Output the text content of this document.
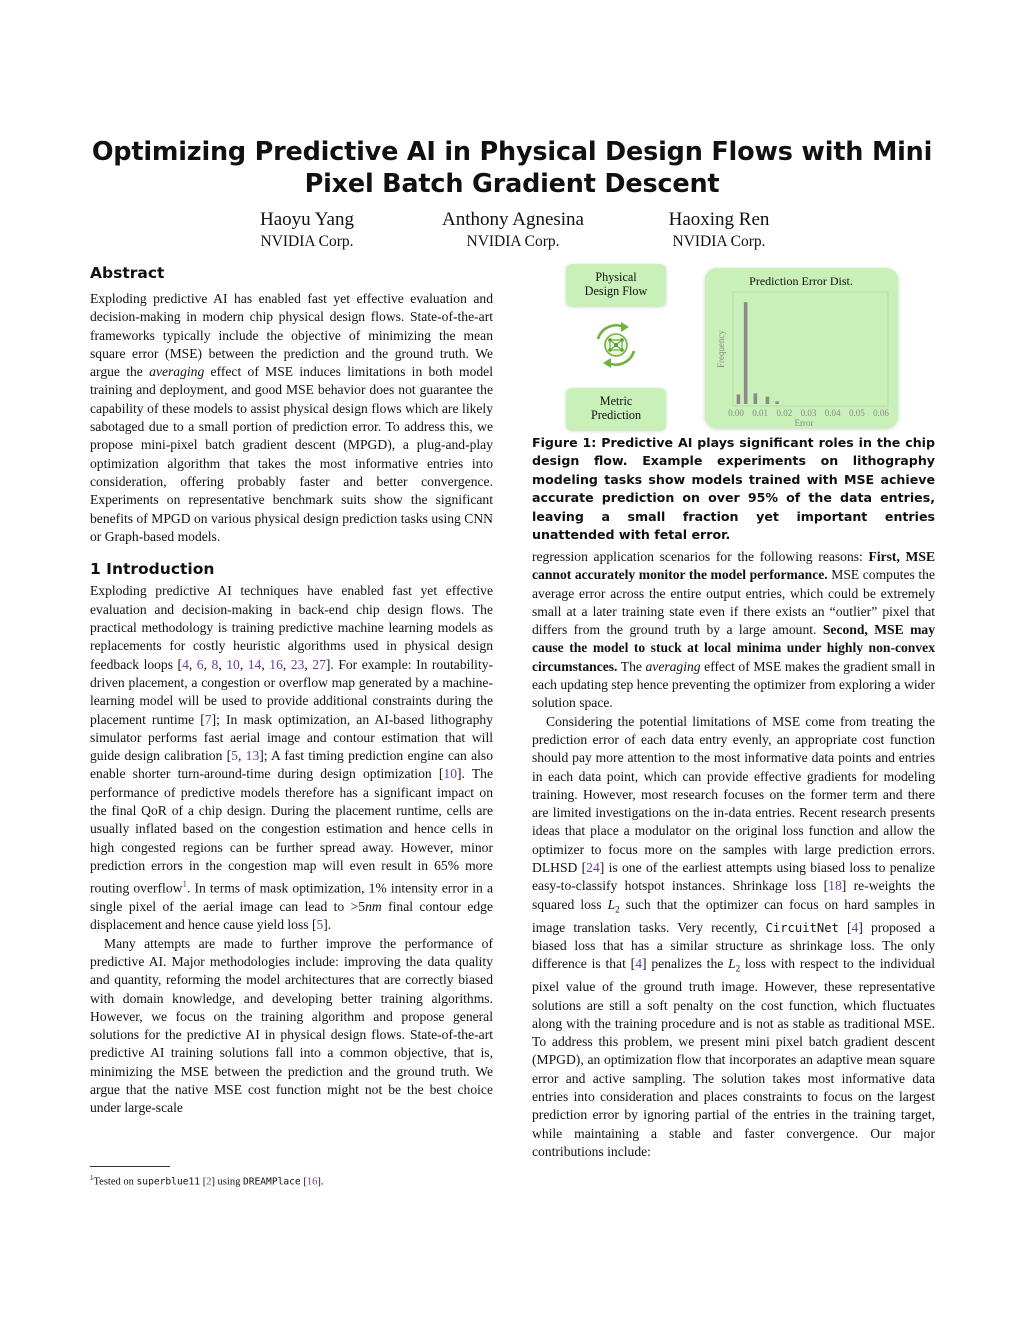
Optimizing Predictive AI in Physical Design Flows with Mini
Pixel Batch Gradient Descent
Haoyu Yang
NVIDIA Corp.
Anthony Agnesina
NVIDIA Corp.
Haoxing Ren
NVIDIA Corp.
Abstract

Exploding predictive AI has enabled fast yet effective evaluation and decision-making in modern chip physical design flows. State-of-the-art frameworks typically include the objective of minimizing the mean square error (MSE) between the prediction and the ground truth. We argue the averaging effect of MSE induces limitations in both model training and deployment, and good MSE behavior does not guarantee the capability of these models to assist physical design flows which are likely sabotaged due to a small portion of prediction error. To address this, we propose mini-pixel batch gradient descent (MPGD), a plug-and-play optimization algorithm that takes the most informative entries into consideration, offering probably faster and better convergence. Experiments on representative benchmark suits show the significant benefits of MPGD on various physical design prediction tasks using CNN or Graph-based models.

1 Introduction

Exploding predictive AI techniques have enabled fast yet effective evaluation and decision-making in back-end chip design flows. The practical methodology is training predictive machine learning models as replacements for costly heuristic algorithms used in physical design feedback loops [4, 6, 8, 10, 14, 16, 23, 27]. For example: In routability-driven placement, a congestion or overflow map generated by a machine-learning model will be used to provide additional constraints during the placement runtime [7]; In mask optimization, an AI-based lithography simulator performs fast aerial image and contour estimation that will guide design calibration [5, 13]; A fast timing prediction engine can also enable shorter turn-around-time during design optimization [10]. The performance of predictive models therefore has a significant impact on the final QoR of a chip design. During the placement runtime, cells are usually inflated based on the congestion estimation and hence cells in high congested regions can be further spread away. However, minor prediction errors in the congestion map will even result in 65% more routing overflow$^1$. In terms of mask optimization, 1% intensity error in a single pixel of the aerial image can lead to >5nm final contour edge displacement and hence cause yield loss [5].

Many attempts are made to further improve the performance of predictive AI. Major methodologies include: improving the data quality and quantity, reforming the model architectures that are correctly biased with domain knowledge, and developing better training algorithms. However, we focus on the training algorithm and propose general solutions for the predictive AI in physical design flows. State-of-the-art predictive AI training solutions fall into a common objective, that is, minimizing the MSE between the prediction and the ground truth. We argue that the native MSE cost function might not be the best choice under large-scale

$^1$Tested on superblue11 [2] using DREAMPlace [16].
Physical
Design Flow
Metric
Prediction
Prediction Error Dist.
0.00 0.01 0.02 0.03 0.04 0.05 0.06
Error
Frequency
Figure 1: Predictive AI plays significant roles in the chip design flow. Example experiments on lithography modeling tasks show models trained with MSE achieve accurate prediction on over 95% of the data entries, leaving a small fraction yet important entries unattended with fetal error.

regression application scenarios for the following reasons: First, MSE cannot accurately monitor the model performance. MSE computes the average error across the entire output entries, which could be extremely small at a later training state even if there exists an “outlier” pixel that differs from the ground truth by a large amount. Second, MSE may cause the model to stuck at local minima under highly non-convex circumstances. The averaging effect of MSE makes the gradient small in each updating step hence preventing the optimizer from exploring a wider solution space.

Considering the potential limitations of MSE come from treating the prediction error of each data entry evenly, an appropriate cost function should pay more attention to the most informative data points and entries in each data point, which can provide effective gradients for modeling training. However, most research focuses on the former term and there are limited investigations on the in-data entries. Recent research presents ideas that place a modulator on the original loss function and allow the optimizer to focus more on the samples with large prediction errors. DLHSD [24] is one of the earliest attempts using biased loss to penalize easy-to-classify hotspot instances. Shrinkage loss [18] re-weights the squared loss $L_2$ such that the optimizer can focus on hard samples in image translation tasks. Very recently, CircuitNet [4] proposed a biased loss that has a similar structure as shrinkage loss. The only difference is that [4] penalizes the $L_2$ loss with respect to the individual pixel value of the ground truth image. However, these representative solutions are still a soft penalty on the cost function, which fluctuates along with the training procedure and is not as stable as traditional MSE. To address this problem, we present mini pixel batch gradient descent (MPGD), an optimization flow that incorporates an adaptive mean square error and active sampling. The solution takes most informative data entries into consideration and places constraints to focus on the largest prediction error by ignoring partial of the entries in the training target, while maintaining a stable and faster convergence. Our major contributions include:
